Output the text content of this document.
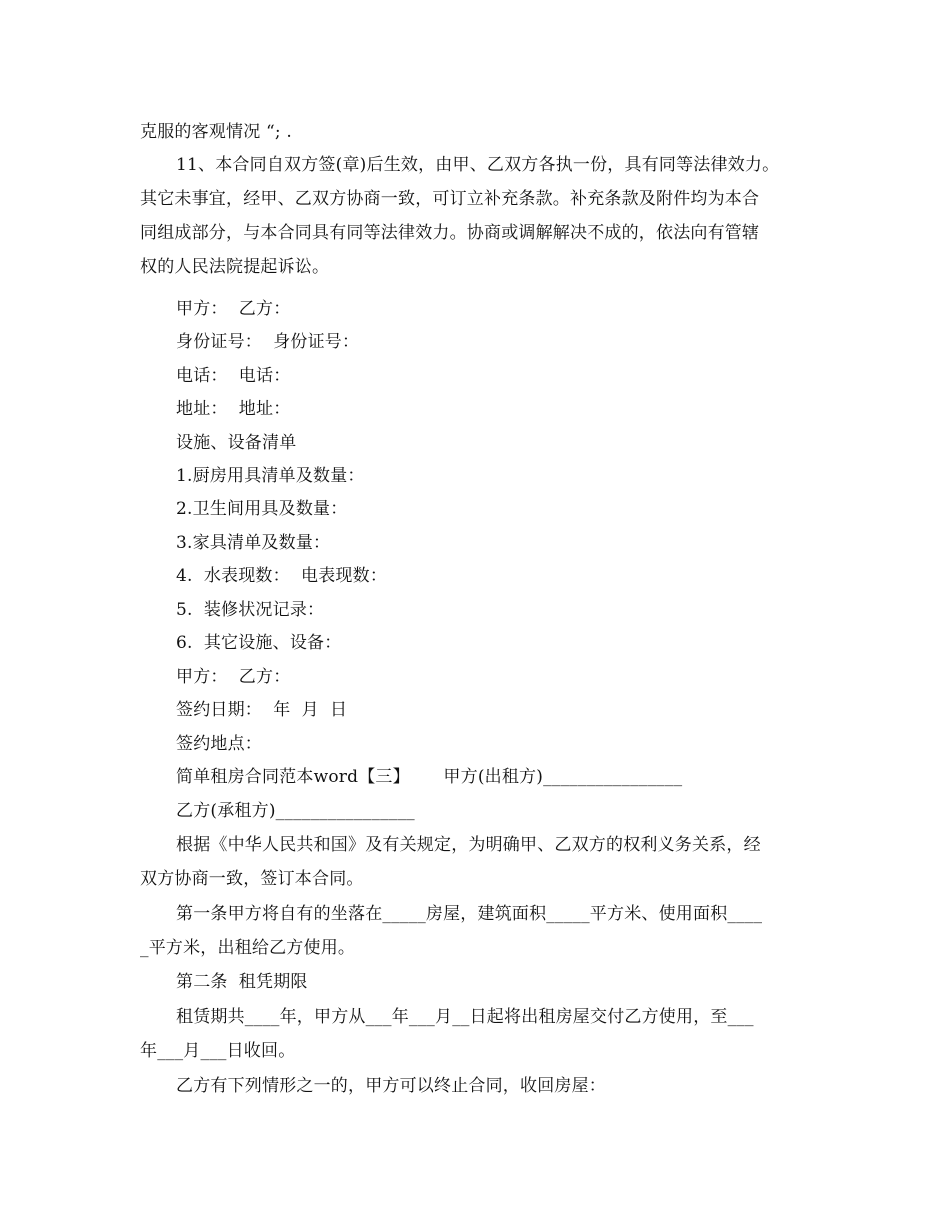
克服的客观情况 “; .
11、本合同自双方签(章)后生效，由甲、乙双方各执一份，具有同等法律效力。
其它未事宜，经甲、乙双方协商一致，可订立补充条款。补充条款及附件均为本合
同组成部分，与本合同具有同等法律效力。协商或调解解决不成的，依法向有管辖
权的人民法院提起诉讼。
甲方：  乙方：
身份证号：  身份证号：
电话：  电话：
地址：  地址：
设施、设备清单
1.厨房用具清单及数量：
2.卫生间用具及数量：
3.家具清单及数量：
4.  水表现数：  电表现数：
5.  装修状况记录：
6.  其它设施、设备：
甲方：  乙方：
签约日期：  年  月  日
签约地点：
简单租房合同范本word【三】      甲方(出租方)________________
乙方(承租方)________________
根据《中华人民共和国》及有关规定，为明确甲、乙双方的权利义务关系，经
双方协商一致，签订本合同。
第一条甲方将自有的坐落在_____房屋，建筑面积_____平方米、使用面积____
_平方米，出租给乙方使用。
第二条  租凭期限
租赁期共____年，甲方从___年___月__日起将出租房屋交付乙方使用，至___
年___月___日收回。
乙方有下列情形之一的，甲方可以终止合同，收回房屋：
